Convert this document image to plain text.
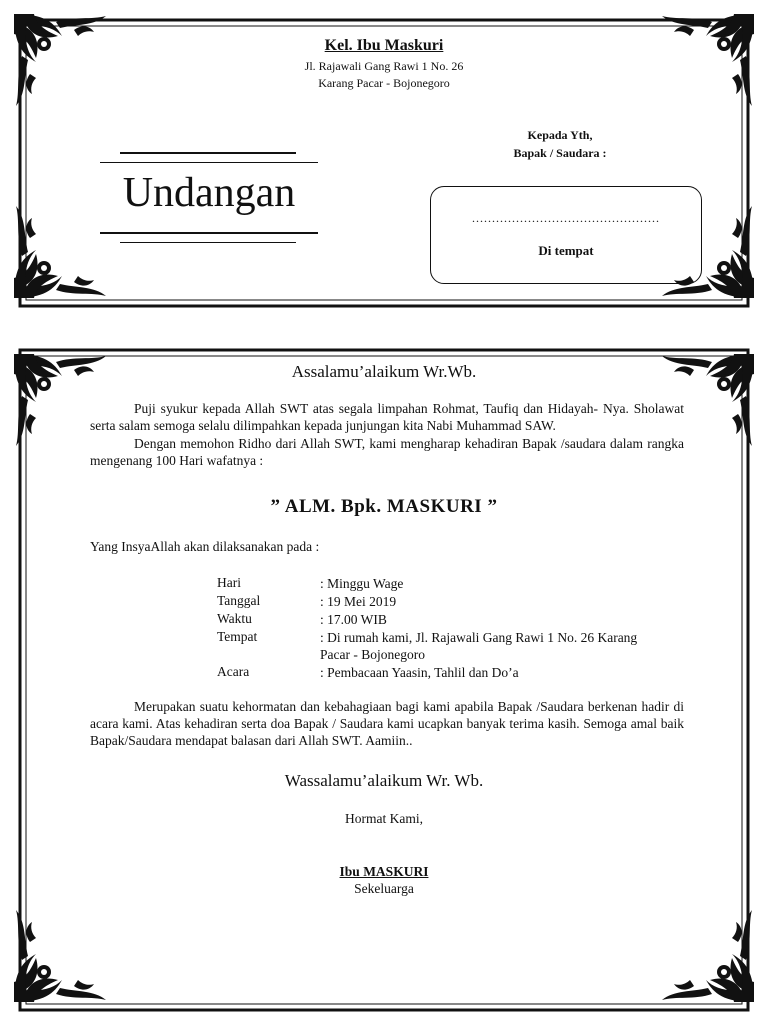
Kel. Ibu Maskuri
Jl. Rajawali Gang Rawi 1 No. 26
Karang Pacar - Bojonegoro
Undangan
Kepada Yth,
Bapak / Saudara :
...............................................
Di tempat
Assalamu’alaikum Wr.Wb.
Puji syukur kepada Allah SWT atas segala limpahan Rohmat, Taufiq dan Hidayah- Nya. Sholawat serta salam semoga selalu dilimpahkan kepada junjungan kita Nabi Muhammad SAW.
Dengan memohon Ridho dari Allah SWT, kami mengharap kehadiran Bapak /saudara dalam rangka mengenang 100 Hari wafatnya :
” ALM. Bpk. MASKURI ”
Yang InsyaAllah akan dilaksanakan pada :
Hari	: Minggu Wage
Tanggal	: 19 Mei 2019
Waktu	: 17.00 WIB
Tempat	: Di rumah kami, Jl. Rajawali Gang Rawi 1 No. 26 Karang Pacar - Bojonegoro
Acara	: Pembacaan Yaasin, Tahlil dan Do’a
Merupakan suatu kehormatan dan kebahagiaan bagi kami apabila Bapak /Saudara berkenan hadir di acara kami. Atas kehadiran serta doa Bapak / Saudara kami ucapkan banyak terima kasih. Semoga amal baik Bapak/Saudara mendapat balasan dari Allah SWT. Aamiin..
Wassalamu’alaikum Wr. Wb.
Hormat Kami,
Ibu MASKURI
Sekeluarga
